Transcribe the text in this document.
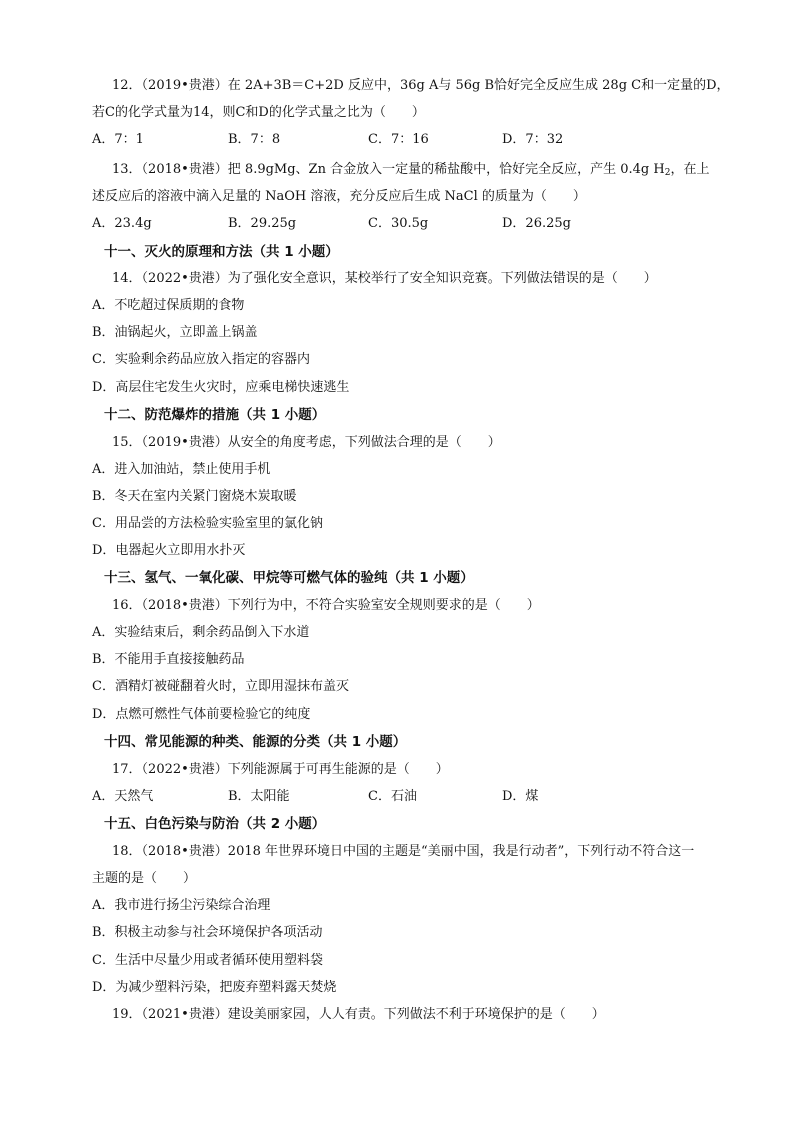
12．（2019•贵港）在 2A+3B＝C+2D 反应中，36g A与 56g B恰好完全反应生成 28g C和一定量的D，
若C的化学式量为14，则C和D的化学式量之比为（　　）
A．7：1	B．7：8	C．7：16	D．7：32
13．（2018•贵港）把 8.9gMg、Zn 合金放入一定量的稀盐酸中，恰好完全反应，产生 0.4g $H_2$，在上
述反应后的溶液中滴入足量的 NaOH 溶液，充分反应后生成 NaCl 的质量为（　　）
A．23.4g	B．29.25g	C．30.5g	D．26.25g
十一、灭火的原理和方法（共 1 小题）
14．（2022•贵港）为了强化安全意识，某校举行了安全知识竞赛。下列做法错误的是（　　）
A．不吃超过保质期的食物
B．油锅起火，立即盖上锅盖
C．实验剩余药品应放入指定的容器内
D．高层住宅发生火灾时，应乘电梯快速逃生
十二、防范爆炸的措施（共 1 小题）
15．（2019•贵港）从安全的角度考虑，下列做法合理的是（　　）
A．进入加油站，禁止使用手机
B．冬天在室内关紧门窗烧木炭取暖
C．用品尝的方法检验实验室里的氯化钠
D．电器起火立即用水扑灭
十三、氢气、一氧化碳、甲烷等可燃气体的验纯（共 1 小题）
16．（2018•贵港）下列行为中，不符合实验室安全规则要求的是（　　）
A．实验结束后，剩余药品倒入下水道
B．不能用手直接接触药品
C．酒精灯被碰翻着火时，立即用湿抹布盖灭
D．点燃可燃性气体前要检验它的纯度
十四、常见能源的种类、能源的分类（共 1 小题）
17．（2022•贵港）下列能源属于可再生能源的是（　　）
A．天然气	B．太阳能	C．石油	D．煤
十五、白色污染与防治（共 2 小题）
18．（2018•贵港）2018 年世界环境日中国的主题是“美丽中国，我是行动者”，下列行动不符合这一
主题的是（　　）
A．我市进行扬尘污染综合治理
B．积极主动参与社会环境保护各项活动
C．生活中尽量少用或者循环使用塑料袋
D．为减少塑料污染，把废弃塑料露天焚烧
19．（2021•贵港）建设美丽家园，人人有责。下列做法不利于环境保护的是（　　）
